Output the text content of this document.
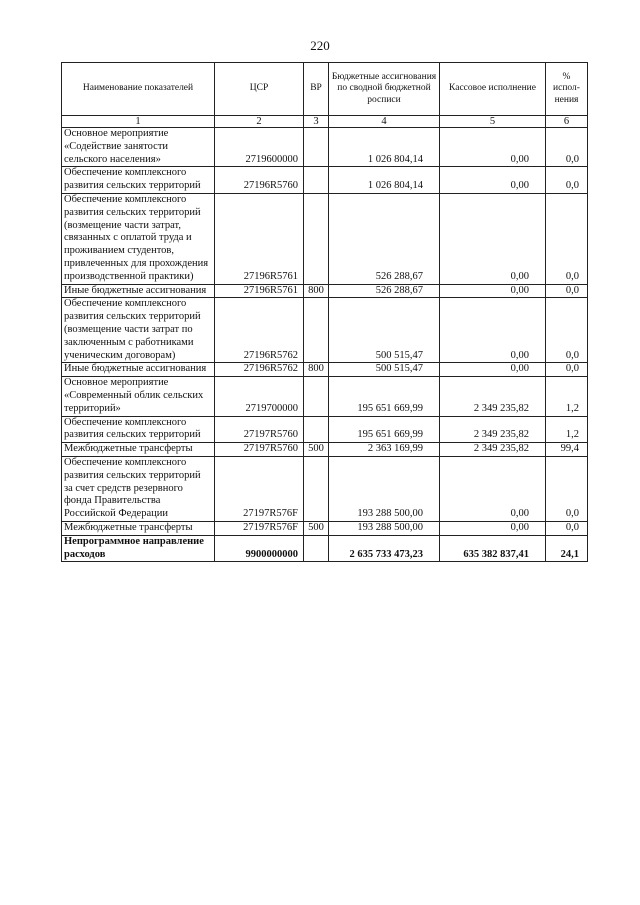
220
Наименование показателей	ЦСР	ВР	Бюджетные ассигнования по сводной бюджетной росписи	Кассовое исполнение	% испол-нения
1	2	3	4	5	6
Основное мероприятие «Содействие занятости сельского населения»	2719600000		1 026 804,14	0,00	0,0
Обеспечение комплексного развития сельских территорий	27196R5760		1 026 804,14	0,00	0,0
Обеспечение комплексного развития сельских территорий (возмещение части затрат, связанных с оплатой труда и проживанием студентов, привлеченных для прохождения производственной практики)	27196R5761		526 288,67	0,00	0,0
Иные бюджетные ассигнования	27196R5761	800	526 288,67	0,00	0,0
Обеспечение комплексного развития сельских территорий (возмещение части затрат по заключенным с работниками ученическим договорам)	27196R5762		500 515,47	0,00	0,0
Иные бюджетные ассигнования	27196R5762	800	500 515,47	0,00	0,0
Основное мероприятие «Современный облик сельских территорий»	2719700000		195 651 669,99	2 349 235,82	1,2
Обеспечение комплексного развития сельских территорий	27197R5760		195 651 669,99	2 349 235,82	1,2
Межбюджетные трансферты	27197R5760	500	2 363 169,99	2 349 235,82	99,4
Обеспечение комплексного развития сельских территорий за счет средств резервного фонда Правительства Российской Федерации	27197R576F		193 288 500,00	0,00	0,0
Межбюджетные трансферты	27197R576F	500	193 288 500,00	0,00	0,0
Непрограммное направление расходов	9900000000		2 635 733 473,23	635 382 837,41	24,1
